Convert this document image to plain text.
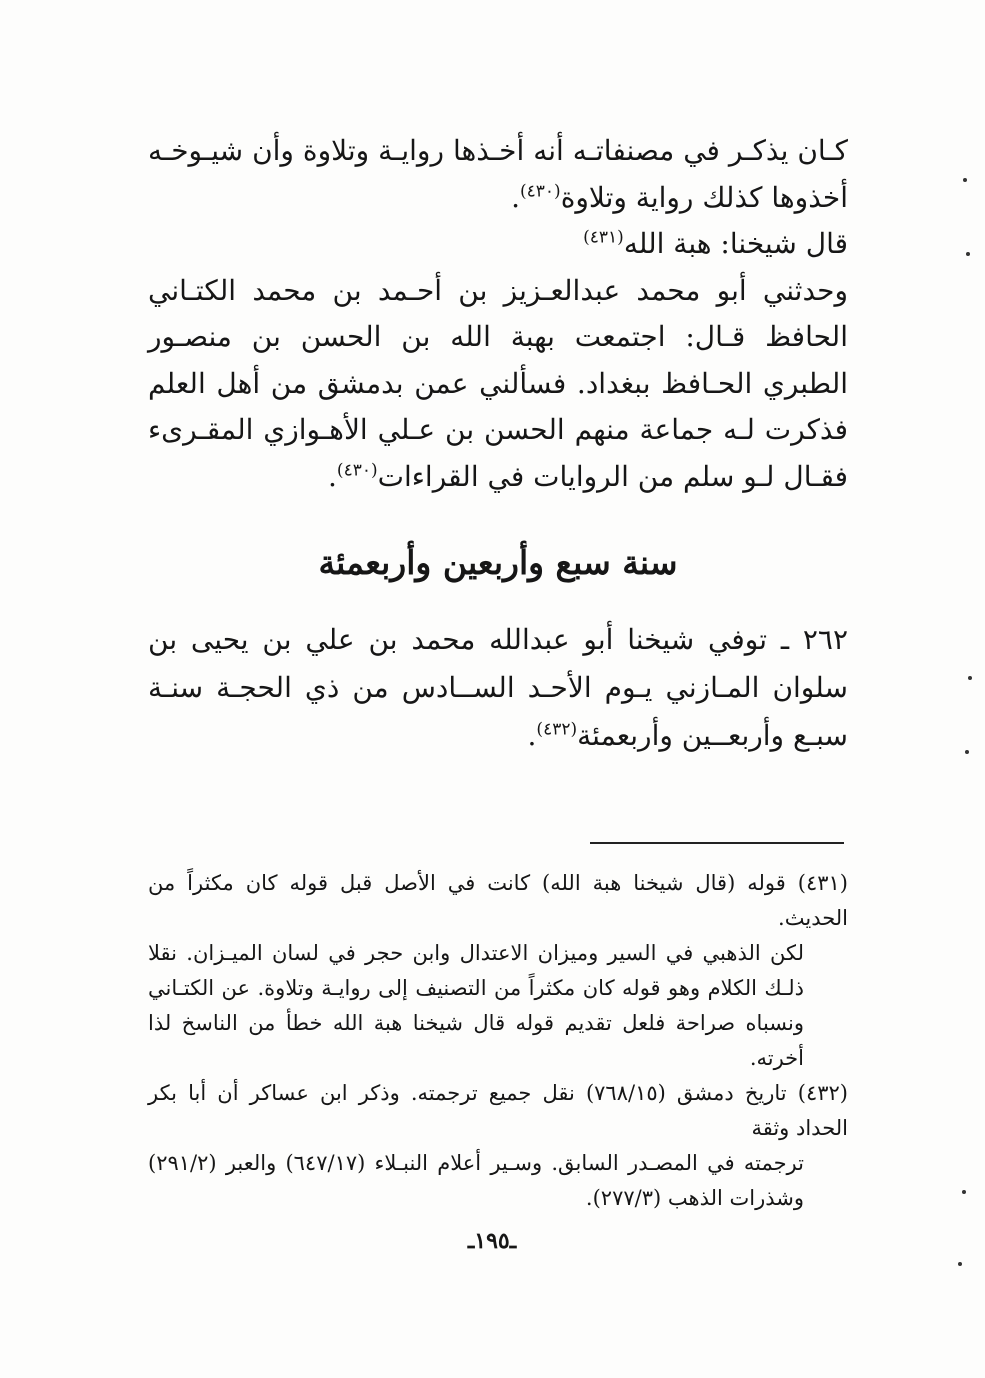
كـان يذكـر في مصنفاتـه أنه أخـذها روايـة وتلاوة وأن شيـوخـه أخذوها كذلك رواية وتلاوة$^{(٤٣٠)}$.

قال شيخنا: هبة الله$^{(٤٣١)}$

وحدثني أبو محمد عبدالعـزيز بن أحـمد بن محمد الكتـاني الحافظ قـال: اجتمعت بهبة الله بن الحسن بن منصـور الطبري الحـافظ ببغداد. فسألني عمن بدمشق من أهل العلم فذكرت لـه جماعة منهم الحسن بن عـلي الأهـوازي المقـرىء فقـال لـو سلم من الروايات في القراءات$^{(٤٣٠)}$.

سنة سبع وأربعين وأربعمئة
٢٦٢ ـ توفي شيخنا أبو عبدالله محمد بن علي بن يحيى بن سلوان المـازني يـوم الأحـد الســادس من ذي الحجـة سنـة سبـع وأربعــين وأربعمئة$^{(٤٣٢)}$.

(٤٣١) قوله (قال شيخنا هبة الله) كانت في الأصل قبل قوله كان مكثراً من الحديث.

لكن الذهبي في السير وميزان الاعتدال وابن حجر في لسان الميـزان. نقلا ذلـك الكلام وهو قوله كان مكثراً من التصنيف إلى روايـة وتلاوة. عن الكتـاني ونسباه صراحة فلعل تقديم قوله قال شيخنا هبة الله خطأ من الناسخ لذا أخرته.

(٤٣٢) تاريخ دمشق (٧٦٨/١٥) نقل جميع ترجمته. وذكر ابن عساكر أن أبا بكر الحداد وثقة

ترجمته في المصـدر السابق. وسـير أعلام النبـلاء (٦٤٧/١٧) والعبر (٢٩١/٢) وشذرات الذهب (٢٧٧/٣).

ـ١٩٥ـ
